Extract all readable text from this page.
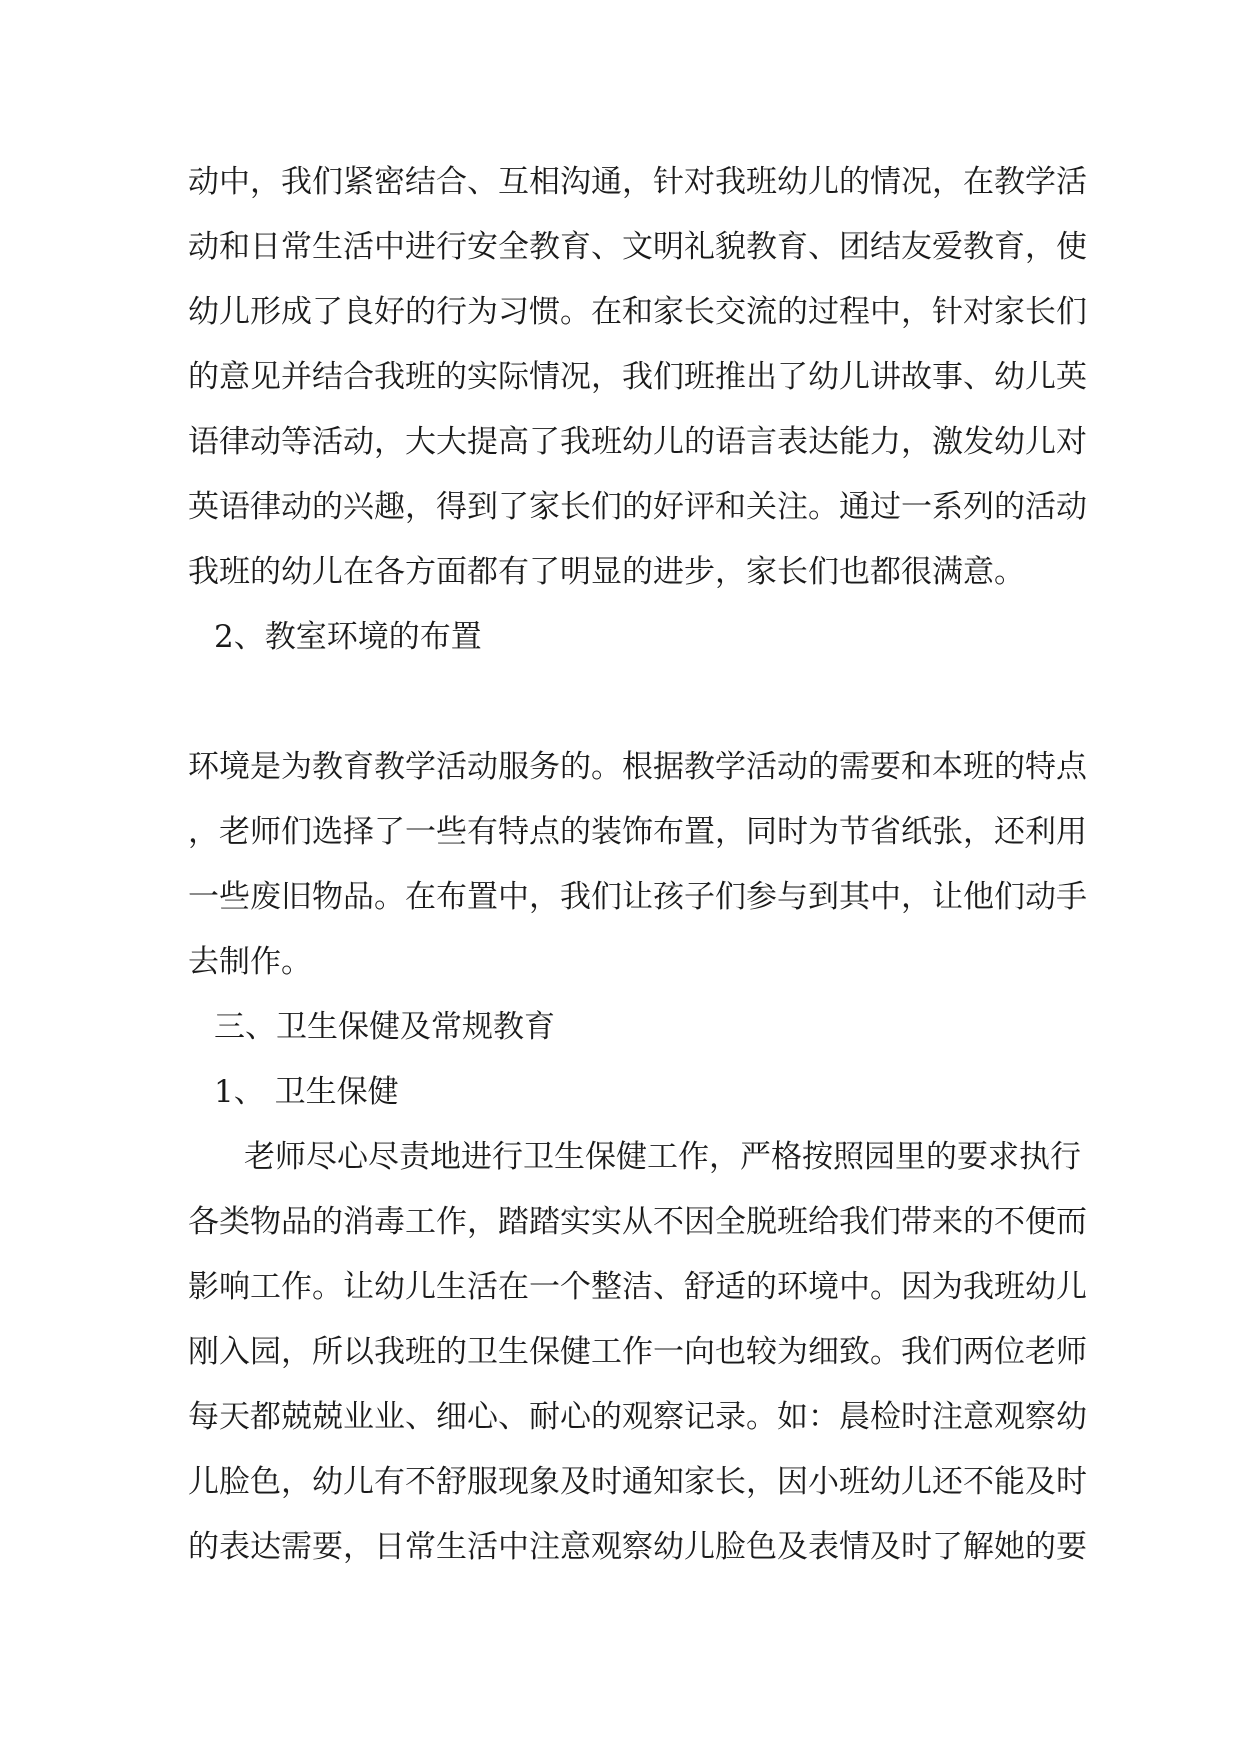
动中，我们紧密结合、互相沟通，针对我班幼儿的情况，在教学活

动和日常生活中进行安全教育、文明礼貌教育、团结友爱教育，使

幼儿形成了良好的行为习惯。在和家长交流的过程中，针对家长们

的意见并结合我班的实际情况，我们班推出了幼儿讲故事、幼儿英

语律动等活动，大大提高了我班幼儿的语言表达能力，激发幼儿对

英语律动的兴趣，得到了家长们的好评和关注。通过一系列的活动

我班的幼儿在各方面都有了明显的进步，家长们也都很满意。

2、教室环境的布置

环境是为教育教学活动服务的。根据教学活动的需要和本班的特点

，老师们选择了一些有特点的装饰布置，同时为节省纸张，还利用

一些废旧物品。在布置中，我们让孩子们参与到其中，让他们动手

去制作。

三、卫生保健及常规教育

1、 卫生保健

老师尽心尽责地进行卫生保健工作，严格按照园里的要求执行

各类物品的消毒工作，踏踏实实从不因全脱班给我们带来的不便而

影响工作。让幼儿生活在一个整洁、舒适的环境中。因为我班幼儿

刚入园，所以我班的卫生保健工作一向也较为细致。我们两位老师

每天都兢兢业业、细心、耐心的观察记录。如：晨检时注意观察幼

儿脸色，幼儿有不舒服现象及时通知家长，因小班幼儿还不能及时

的表达需要，日常生活中注意观察幼儿脸色及表情及时了解她的要
